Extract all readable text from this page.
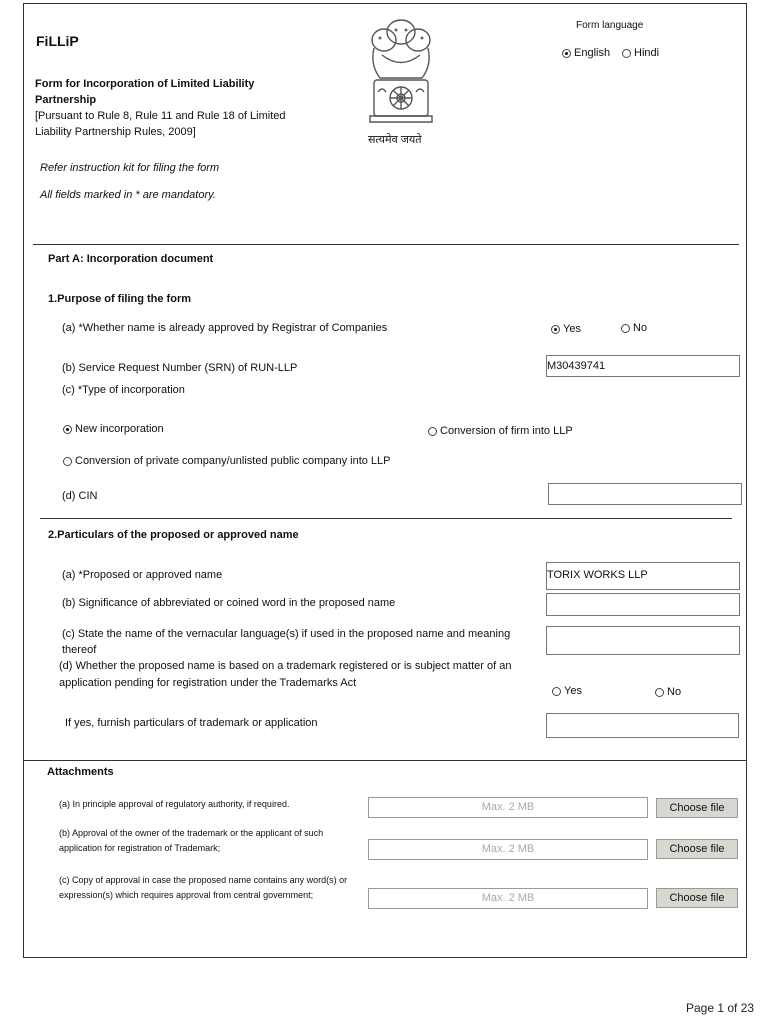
FiLLiP
Form for Incorporation of Limited Liability Partnership
[Pursuant to Rule 8, Rule 11 and Rule 18 of Limited Liability Partnership Rules, 2009]
सत्यमेव जयते
Form language
English Hindi
Refer instruction kit for filing the form
All fields marked in * are mandatory.
Part A: Incorporation document
1.Purpose of filing the form
(a) *Whether name is already approved by Registrar of Companies	Yes	No
(b) Service Request Number (SRN) of RUN-LLP	M30439741
(c) *Type of incorporation
New incorporation	Conversion of firm into LLP
Conversion of private company/unlisted public company into LLP
(d) CIN
2.Particulars of the proposed or approved name
(a) *Proposed or approved name	TORIX WORKS LLP
(b) Significance of abbreviated or coined word in the proposed name
(c) State the name of the vernacular language(s) if used in the proposed name and meaning thereof
(d) Whether the proposed name is based on a trademark registered or is subject matter of an application pending for registration under the Trademarks Act
Yes	No
If yes, furnish particulars of trademark or application
Attachments
(a) In principle approval of regulatory authority, if required.	Max. 2 MB	Choose file
(b) Approval of the owner of the trademark or the applicant of such application for registration of Trademark;	Max. 2 MB	Choose file
(c) Copy of approval in case the proposed name contains any word(s) or expression(s) which requires approval from central government;	Max. 2 MB	Choose file
Page 1 of 23
